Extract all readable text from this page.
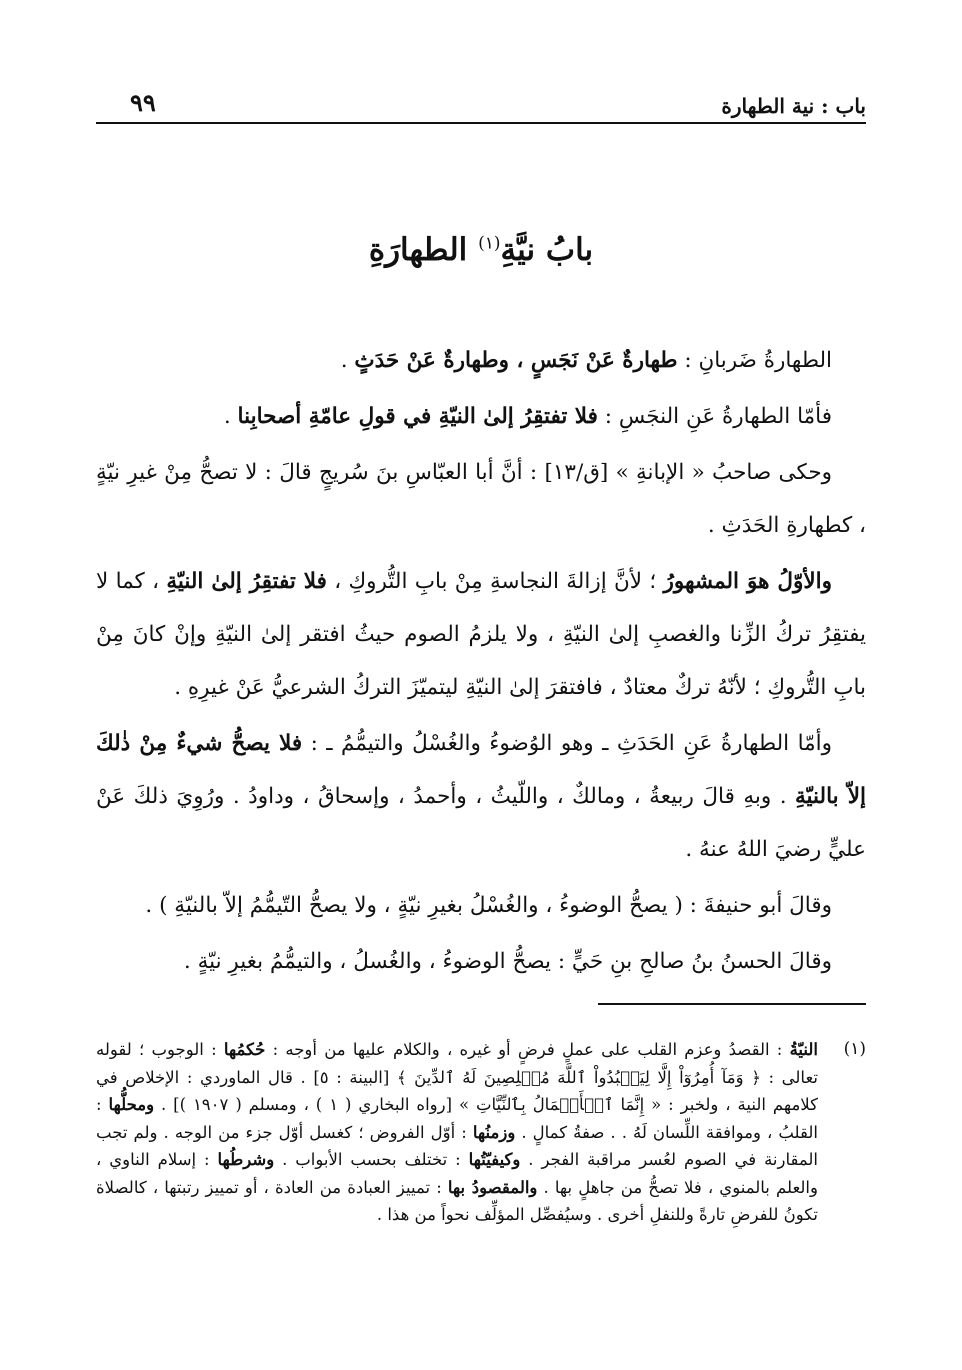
باب : نية الطهارة
٩٩
بابُ نيَّةِ$^{(١)}$ الطهارَةِ

الطهارةُ ضَربانِ : طهارةٌ عَنْ نَجَسٍ ، وطهارةٌ عَنْ حَدَثٍ .

فأمّا الطهارةُ عَنِ النجَسِ : فلا تفتقِرُ إلىٰ النيّةِ في قولِ عامّةِ أصحابِنا .

وحكى صاحبُ « الإبانةِ » [ق/١٣] : أنَّ أبا العبّاسِ بنَ سُريجٍ قالَ : لا تصحُّ مِنْ غيرِ نيّةٍ ، كطهارةِ الحَدَثِ .

والأوّلُ هوَ المشهورُ ؛ لأنَّ إزالةَ النجاسةِ مِنْ بابِ التُّروكِ ، فلا تفتقِرُ إلىٰ النيّةِ ، كما لا يفتقِرُ تركُ الزِّنا والغصبِ إلىٰ النيّةِ ، ولا يلزمُ الصوم حيثُ افتقر إلىٰ النيّةِ وإنْ كانَ مِنْ بابِ التُّروكِ ؛ لأنّهُ تركٌ معتادٌ ، فافتقرَ إلىٰ النيّةِ ليتميّزَ التركُ الشرعيُّ عَنْ غيرِهِ .

وأمّا الطهارةُ عَنِ الحَدَثِ ـ وهو الوُضوءُ والغُسْلُ والتيمُّمُ ـ : فلا يصحُّ شيءٌ مِنْ ذٰلكَ إلاّ بالنيّةِ . وبهِ قالَ ربيعةُ ، ومالكٌ ، واللّيثُ ، وأحمدُ ، وإسحاقُ ، وداودُ . ورُوِيَ ذلكَ عَنْ عليٍّ رضيَ اللهُ عنهُ .

وقالَ أبو حنيفةَ : ( يصحُّ الوضوءُ ، والغُسْلُ بغيرِ نيّةٍ ، ولا يصحُّ التّيمُّمُ إلاّ بالنيّةِ ) .

وقالَ الحسنُ بنُ صالحِ بنِ حَيٍّ : يصحُّ الوضوءُ ، والغُسلُ ، والتيمُّمُ بغيرِ نيّةٍ .

(١)
النيّةُ : القصدُ وعزم القلب على عملٍ فرضٍ أو غيره ، والكلام عليها من أوجه : حُكمُها : الوجوب ؛ لقوله تعالى : ﴿ وَمَآ أُمِرُوٓاْ إِلَّا لِيَعۡبُدُواْ ٱللَّهَ مُخۡلِصِينَ لَهُ ٱلدِّينَ ﴾ [البينة : ٥] . قال الماوردي : الإخلاص في كلامهم النية ، ولخبر : « إِنَّمَا ٱلۡأَعۡمَالُ بِٱلنِّيَّاتِ » [رواه البخاري ( ١ ) ، ومسلم ( ١٩٠٧ )] . ومحلُّها : القلبُ ، وموافقة اللِّسان لَهُ . . صفةُ كمالٍ . وزمنُها : أوّل الفروض ؛ كغسل أوّل جزء من الوجه . ولم تجب المقارنة في الصوم لعُسر مراقبة الفجر . وكيفيّتُها : تختلف بحسب الأبواب . وشرطُها : إسلام الناوي ، والعلم بالمنوي ، فلا تصحُّ من جاهلٍ بها . والمقصودُ بها : تمييز العبادة من العادة ، أو تمييز رتبتها ، كالصلاة تكونُ للفرضِ تارةً وللنفلِ أخرى . وسيُفصِّل المؤلِّف نحواً من هذا .
